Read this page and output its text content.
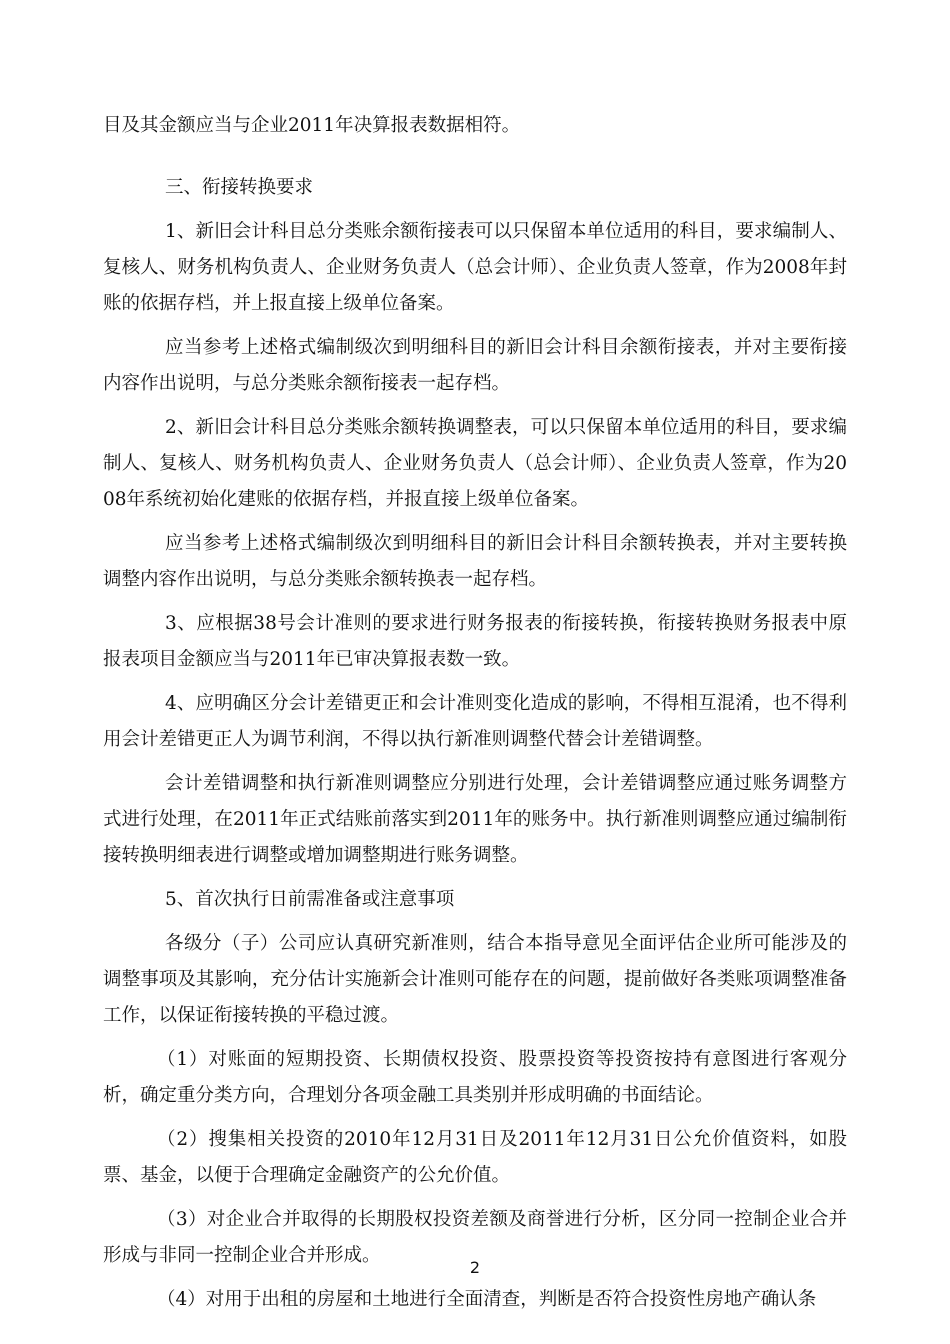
目及其金额应当与企业2011年决算报表数据相符。

三、衔接转换要求

1、新旧会计科目总分类账余额衔接表可以只保留本单位适用的科目，要求编制人、复核人、财务机构负责人、企业财务负责人（总会计师）、企业负责人签章，作为2008年封账的依据存档，并上报直接上级单位备案。

应当参考上述格式编制级次到明细科目的新旧会计科目余额衔接表，并对主要衔接内容作出说明，与总分类账余额衔接表一起存档。

2、新旧会计科目总分类账余额转换调整表，可以只保留本单位适用的科目，要求编制人、复核人、财务机构负责人、企业财务负责人（总会计师）、企业负责人签章，作为2008年系统初始化建账的依据存档，并报直接上级单位备案。

应当参考上述格式编制级次到明细科目的新旧会计科目余额转换表，并对主要转换调整内容作出说明，与总分类账余额转换表一起存档。

3、应根据38号会计准则的要求进行财务报表的衔接转换，衔接转换财务报表中原报表项目金额应当与2011年已审决算报表数一致。

4、应明确区分会计差错更正和会计准则变化造成的影响，不得相互混淆，也不得利用会计差错更正人为调节利润，不得以执行新准则调整代替会计差错调整。

会计差错调整和执行新准则调整应分别进行处理，会计差错调整应通过账务调整方式进行处理，在2011年正式结账前落实到2011年的账务中。执行新准则调整应通过编制衔接转换明细表进行调整或增加调整期进行账务调整。

5、首次执行日前需准备或注意事项

各级分（子）公司应认真研究新准则，结合本指导意见全面评估企业所可能涉及的调整事项及其影响，充分估计实施新会计准则可能存在的问题，提前做好各类账项调整准备工作，以保证衔接转换的平稳过渡。

（1）对账面的短期投资、长期债权投资、股票投资等投资按持有意图进行客观分析，确定重分类方向，合理划分各项金融工具类别并形成明确的书面结论。

（2）搜集相关投资的2010年12月31日及2011年12月31日公允价值资料，如股票、基金，以便于合理确定金融资产的公允价值。

（3）对企业合并取得的长期股权投资差额及商誉进行分析，区分同一控制企业合并形成与非同一控制企业合并形成。

（4）对用于出租的房屋和土地进行全面清查，判断是否符合投资性房地产确认条

2
